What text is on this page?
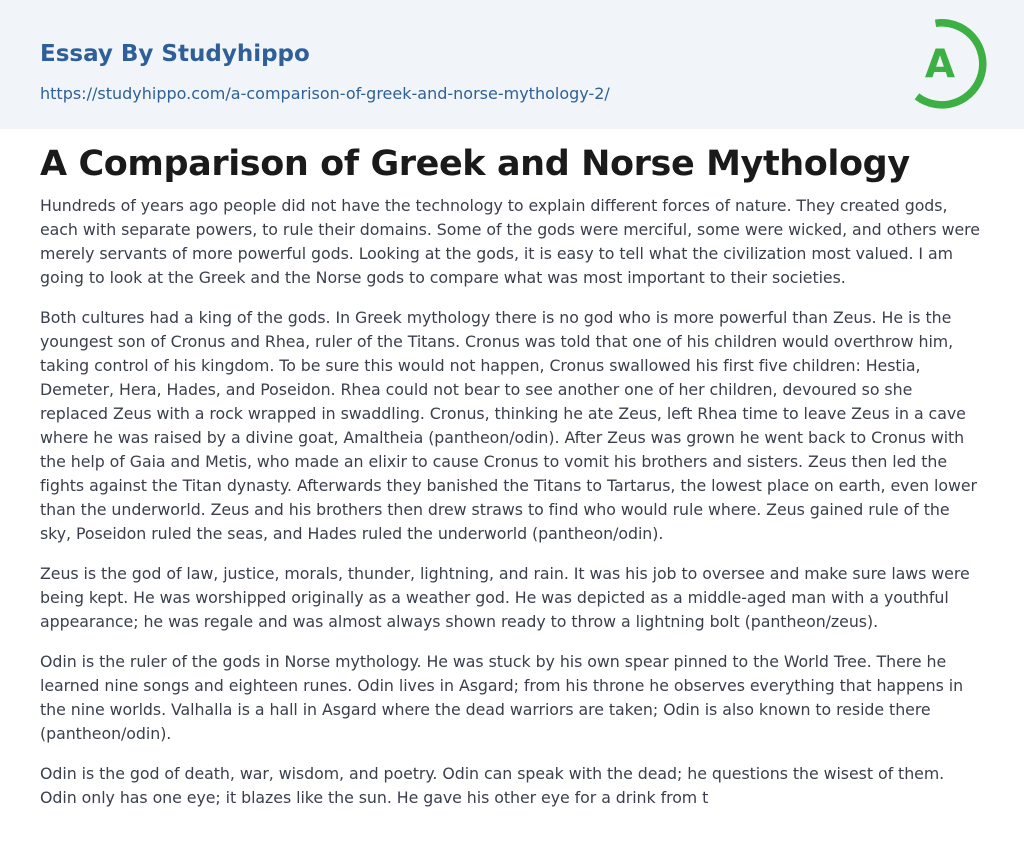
Essay By Studyhippo
https://studyhippo.com/a-comparison-of-greek-and-norse-mythology-2/
A
A Comparison of Greek and Norse Mythology

Hundreds of years ago people did not have the technology to explain different forces of nature. They created gods, each with separate powers, to rule their domains. Some of the gods were merciful, some were wicked, and others were merely servants of more powerful gods. Looking at the gods, it is easy to tell what the civilization most valued. I am going to look at the Greek and the Norse gods to compare what was most important to their societies.

Both cultures had a king of the gods. In Greek mythology there is no god who is more powerful than Zeus. He is the youngest son of Cronus and Rhea, ruler of the Titans. Cronus was told that one of his children would overthrow him, taking control of his kingdom. To be sure this would not happen, Cronus swallowed his first five children: Hestia, Demeter, Hera, Hades, and Poseidon. Rhea could not bear to see another one of her children, devoured so she replaced Zeus with a rock wrapped in swaddling. Cronus, thinking he ate Zeus, left Rhea time to leave Zeus in a cave where he was raised by a divine goat, Amaltheia (pantheon/odin). After Zeus was grown he went back to Cronus with the help of Gaia and Metis, who made an elixir to cause Cronus to vomit his brothers and sisters. Zeus then led the fights against the Titan dynasty. Afterwards they banished the Titans to Tartarus, the lowest place on earth, even lower than the underworld. Zeus and his brothers then drew straws to find who would rule where. Zeus gained rule of the sky, Poseidon ruled the seas, and Hades ruled the underworld (pantheon/odin).

Zeus is the god of law, justice, morals, thunder, lightning, and rain. It was his job to oversee and make sure laws were being kept. He was worshipped originally as a weather god. He was depicted as a middle-aged man with a youthful appearance; he was regale and was almost always shown ready to throw a lightning bolt (pantheon/zeus).

Odin is the ruler of the gods in Norse mythology. He was stuck by his own spear pinned to the World Tree. There he learned nine songs and eighteen runes. Odin lives in Asgard; from his throne he observes everything that happens in the nine worlds. Valhalla is a hall in Asgard where the dead warriors are taken; Odin is also known to reside there (pantheon/odin).

Odin is the god of death, war, wisdom, and poetry. Odin can speak with the dead; he questions the wisest of them. Odin only has one eye; it blazes like the sun. He gave his other eye for a drink from t
